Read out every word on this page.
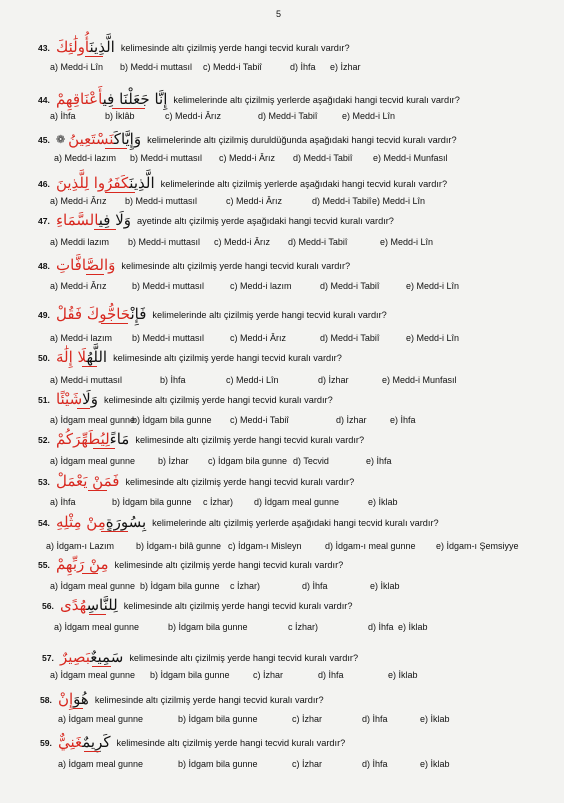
5
43.	الَّذِينَأُولَٰئِكَ	kelimesinde altı çizilmiş yerde hangi tecvid kuralı vardır?
a) Medd-i Lîn b) Medd-i muttasıl c) Medd-i Tabiî	d) İhfa e) İzhar
44.	إِنَّا جَعَلْنَا فِيأَعْنَاقِهِمْ	kelimelerinde altı çizilmiş yerlerde aşağıdaki hangi tecvid kuralı vardır?
a) İhfa	b) İklâb	c) Medd-i Ârız	d) Medd-i Tabiî	e) Medd-i Lîn
45. ❁	وَإِيَّاكَنَسْتَعِينُ	kelimelerinde altı çizilmiş duruldüğunda aşağıdaki hangi tecvid kuralı vardır?
a) Medd-i lazım b) Medd-i muttasıl c) Medd-i Ârız d) Medd-i Tabiî e) Medd-i Munfasıl
46.	الَّذِينَكَفَرُوا لِلَّذِينَ	kelimelerinde altı çizilmiş yerlerde aşağıdaki hangi tecvid kuralı vardır?
a) Medd-i Ârız b) Medd-i muttasıl	c) Medd-i Ârız	d) Medd-i Tabiî e) Medd-i Lîn
47.	وَلَا فِيالسَّمَاءِ	ayetinde altı çizilmiş yerde aşağıdaki hangi tecvid kuralı vardır?
a) Meddi lazım b) Medd-i muttasıl c) Medd-i Ârız d) Medd-i Tabiî	e) Medd-i Lîn
48. وَالصَّافَّاتِ kelimesinde altı çizilmiş yerde hangi tecvid kuralı vardır?
a) Medd-i Ârız	b) Medd-i muttasıl	c) Medd-i lazım	d) Medd-i Tabiî	e) Medd-i Lîn
49.	فَإِنْحَاجُّوكَ فَقُلْ	kelimelerinde altı çizilmiş yerde hangi tecvid kuralı vardır?
a) Medd-i lazım b) Medd-i muttasıl	c) Medd-i Ârız	d) Medd-i Tabiî	e) Medd-i Lîn
50.	اللَّهُلَا إِلَٰهَ	kelimesinde altı çizilmiş yerde hangi tecvid kuralı vardır?
a) Medd-i muttasıl	b) İhfa	c) Medd-i Lîn	d) İzhar	e) Medd-i Munfasıl
51.	وَلَاشَيْئًا	kelimesinde altı çizilmiş yerde hangi tecvid kuralı vardır?
a) İdgam meal gunne
b) İdgam bila gunne c) Medd-i Tabiî	d) İzhar	e) İhfa
52.	مَاءًلِيُطَهِّرَكُمْ	kelimesinde altı çizilmiş yerde hangi tecvid kuralı vardır?
a) İdgam meal gunne	b) İzhar c) İdgam bila gunne d) Tecvid	e) İhfa
53. فَمَنْ يَعْمَلْ kelimesinde altı çizilmiş yerde hangi tecvid kuralı vardır?
a) İhfa	b) İdgam bila gunne c İzhar) d) İdgam meal gunne	e) İklab
54.	بِسُورَةٍمِنْ مِثْلِهِ	kelimelerinde altı çizilmiş yerlerde aşağıdaki hangi tecvid kuralı vardır?
a) İdgam-ı Lazım b) İdgam-ı bilâ gunne c) İdgam-ı Misleyn	d) İdgam-ı meal gunne e) İdgam-ı Şemsiyye
55. مِنْ رَبِّهِمْ kelimesinde altı çizilmiş yerde hangi tecvid kuralı vardır?
a) İdgam meal gunne b) İdgam bila gunne c İzhar)	d) İhfa	e) İklab
56.	لِلنَّاسِهُدًى	kelimesinde altı çizilmiş yerde hangi tecvid kuralı vardır?
a) İdgam meal gunne	b) İdgam bila gunne	c İzhar)	d) İhfa e) İklab
57.	سَمِيعٌبَصِيرٌ	kelimesinde altı çizilmiş yerde hangi tecvid kuralı vardır?
a) İdgam meal gunne b) İdgam bila gunne	c) İzhar	d) İhfa	e) İklab
58.	هُوَإِنْ	kelimesinde altı çizilmiş yerde hangi tecvid kuralı vardır?
a) İdgam meal gunne	b) İdgam bila gunne	c) İzhar	d) İhfa	e) İklab
59.	كَرِيمٌغَنِيٌّ	kelimesinde altı çizilmiş yerde hangi tecvid kuralı vardır?
a) İdgam meal gunne	b) İdgam bila gunne	c) İzhar	d) İhfa	e) İklab
